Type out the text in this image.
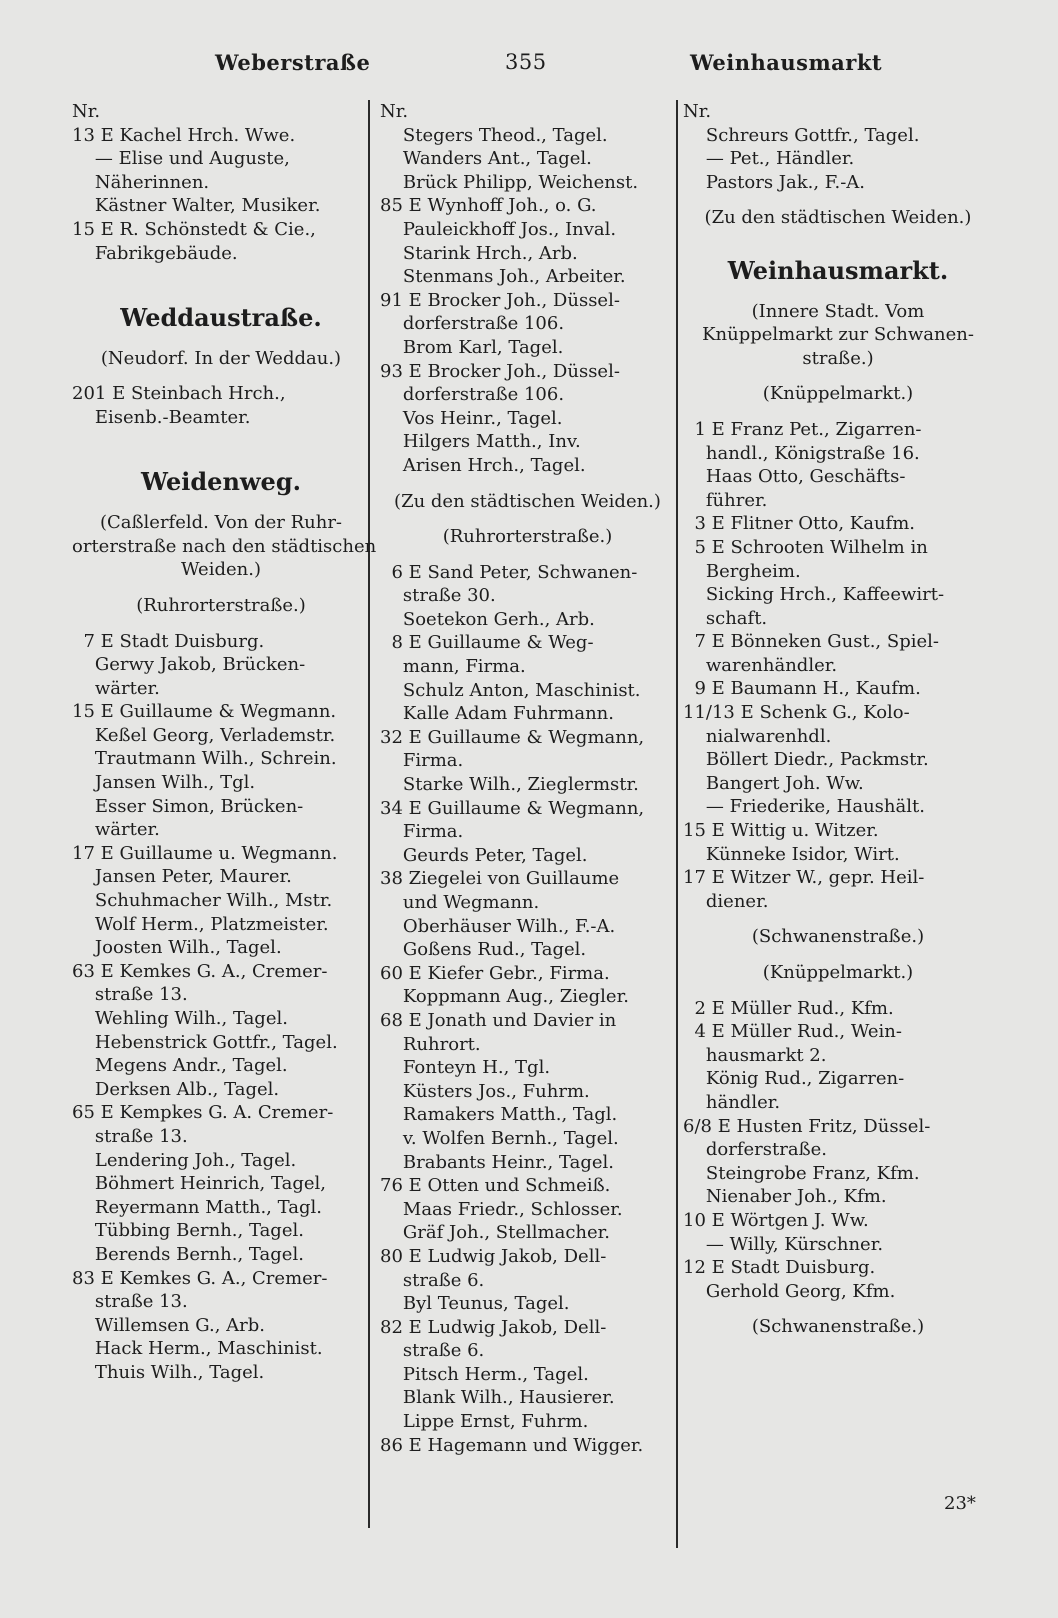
Weberstraße	355	Weinhausmarkt
Nr.
13 E Kachel Hrch. Wwe.
— Elise und Auguste,
Näherinnen.
Kästner Walter, Musiker.
15 E R. Schönstedt & Cie.,
Fabrikgebäude.
Weddaustraße.
(Neudorf. In der Weddau.)
201 E Steinbach Hrch.,
Eisenb.-Beamter.
Weidenweg.
(Caßlerfeld. Von der Ruhr-
orterstraße nach den städtischen
Weiden.)
(Ruhrorterstraße.)
7 E Stadt Duisburg.
Gerwy Jakob, Brücken-
wärter.
15 E Guillaume & Wegmann.
Keßel Georg, Verlademstr.
Trautmann Wilh., Schrein.
Jansen Wilh., Tgl.
Esser Simon, Brücken-
wärter.
17 E Guillaume u. Wegmann.
Jansen Peter, Maurer.
Schuhmacher Wilh., Mstr.
Wolf Herm., Platzmeister.
Joosten Wilh., Tagel.
63 E Kemkes G. A., Cremer-
straße 13.
Wehling Wilh., Tagel.
Hebenstrick Gottfr., Tagel.
Megens Andr., Tagel.
Derksen Alb., Tagel.
65 E Kempkes G. A. Cremer-
straße 13.
Lendering Joh., Tagel.
Böhmert Heinrich, Tagel,
Reyermann Matth., Tagl.
Tübbing Bernh., Tagel.
Berends Bernh., Tagel.
83 E Kemkes G. A., Cremer-
straße 13.
Willemsen G., Arb.
Hack Herm., Maschinist.
Thuis Wilh., Tagel.
Nr.
Stegers Theod., Tagel.
Wanders Ant., Tagel.
Brück Philipp, Weichenst.
85 E Wynhoff Joh., o. G.
Pauleickhoff Jos., Inval.
Starink Hrch., Arb.
Stenmans Joh., Arbeiter.
91 E Brocker Joh., Düssel-
dorferstraße 106.
Brom Karl, Tagel.
93 E Brocker Joh., Düssel-
dorferstraße 106.
Vos Heinr., Tagel.
Hilgers Matth., Inv.
Arisen Hrch., Tagel.
(Zu den städtischen Weiden.)
(Ruhrorterstraße.)
6 E Sand Peter, Schwanen-
straße 30.
Soetekon Gerh., Arb.
8 E Guillaume & Weg-
mann, Firma.
Schulz Anton, Maschinist.
Kalle Adam Fuhrmann.
32 E Guillaume & Wegmann,
Firma.
Starke Wilh., Zieglermstr.
34 E Guillaume & Wegmann,
Firma.
Geurds Peter, Tagel.
38 Ziegelei von Guillaume
und Wegmann.
Oberhäuser Wilh., F.-A.
Goßens Rud., Tagel.
60 E Kiefer Gebr., Firma.
Koppmann Aug., Ziegler.
68 E Jonath und Davier in
Ruhrort.
Fonteyn H., Tgl.
Küsters Jos., Fuhrm.
Ramakers Matth., Tagl.
v. Wolfen Bernh., Tagel.
Brabants Heinr., Tagel.
76 E Otten und Schmeiß.
Maas Friedr., Schlosser.
Gräf Joh., Stellmacher.
80 E Ludwig Jakob, Dell-
straße 6.
Byl Teunus, Tagel.
82 E Ludwig Jakob, Dell-
straße 6.
Pitsch Herm., Tagel.
Blank Wilh., Hausierer.
Lippe Ernst, Fuhrm.
86 E Hagemann und Wigger.
Nr.
Schreurs Gottfr., Tagel.
— Pet., Händler.
Pastors Jak., F.-A.
(Zu den städtischen Weiden.)
Weinhausmarkt.
(Innere Stadt. Vom
Knüppelmarkt zur Schwanen-
straße.)
(Knüppelmarkt.)
1 E Franz Pet., Zigarren-
handl., Königstraße 16.
Haas Otto, Geschäfts-
führer.
3 E Flitner Otto, Kaufm.
5 E Schrooten Wilhelm in
Bergheim.
Sicking Hrch., Kaffeewirt-
schaft.
7 E Bönneken Gust., Spiel-
warenhändler.
9 E Baumann H., Kaufm.
11/13 E Schenk G., Kolo-
nialwarenhdl.
Böllert Diedr., Packmstr.
Bangert Joh. Ww.
— Friederike, Haushält.
15 E Wittig u. Witzer.
Künneke Isidor, Wirt.
17 E Witzer W., gepr. Heil-
diener.
(Schwanenstraße.)
(Knüppelmarkt.)
2 E Müller Rud., Kfm.
4 E Müller Rud., Wein-
hausmarkt 2.
König Rud., Zigarren-
händler.
6/8 E Husten Fritz, Düssel-
dorferstraße.
Steingrobe Franz, Kfm.
Nienaber Joh., Kfm.
10 E Wörtgen J. Ww.
— Willy, Kürschner.
12 E Stadt Duisburg.
Gerhold Georg, Kfm.
(Schwanenstraße.)
23*
